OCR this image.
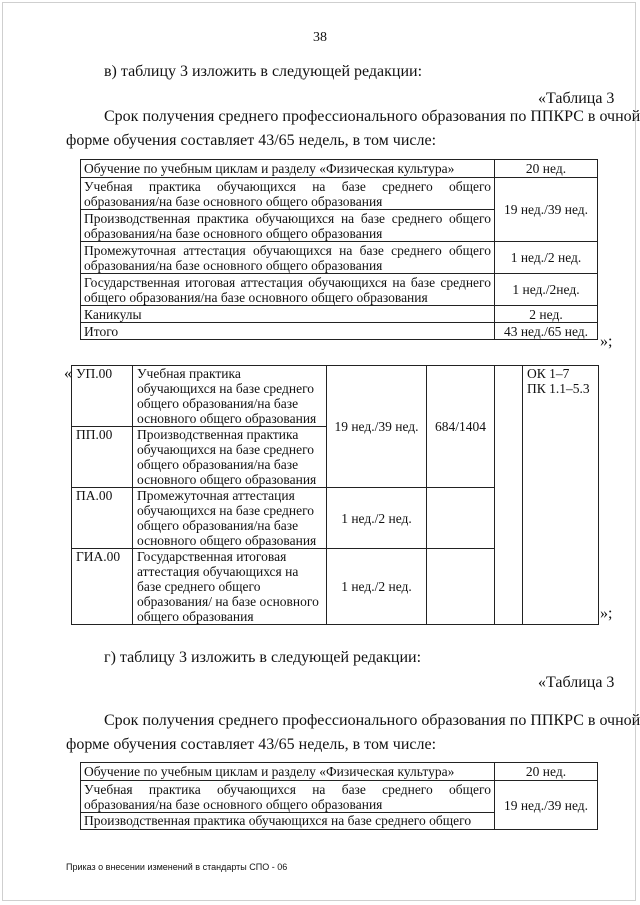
38
в) таблицу 3 изложить в следующей редакции:
«Таблица 3
Срок получения среднего профессионального образования по ППКРС в очной
форме обучения составляет 43/65 недель, в том числе:
Обучение по учебным циклам и разделу «Физическая культура»	20 нед.
Учебная практика обучающихся на базе среднего общего образования/на базе основного общего образования	19 нед./39 нед.
Производственная практика обучающихся на базе среднего общего образования/на базе основного общего образования	
Промежуточная аттестация обучающихся на базе среднего общего образования/на базе основного общего образования	1 нед./2 нед.
Государственная итоговая аттестация обучающихся на базе среднего общего образования/на базе основного общего образования	1 нед./2нед.
Каникулы	2 нед.
Итого	43 нед./65 нед.
»;
« УП.00	Учебная практика обучающихся на базе среднего общего образования/на базе основного общего образования	19 нед./39 нед.	684/1404		ОК 1–7
ПК 1.1–5.3

ПП.00	Производственная практика обучающихся на базе среднего общего образования/на базе основного общего образования				
ПА.00	Промежуточная аттестация обучающихся на базе среднего общего образования/на базе основного общего образования	1 нед./2 нед.			
ГИА.00	Государственная итоговая аттестация обучающихся на базе среднего общего образования/ на базе основного общего образования	1 нед./2 нед.			
»;
г) таблицу 3 изложить в следующей редакции:
«Таблица 3
Срок получения среднего профессионального образования по ППКРС в очной
форме обучения составляет 43/65 недель, в том числе:
Обучение по учебным циклам и разделу «Физическая культура»	20 нед.
Учебная практика обучающихся на базе среднего общего образования/на базе основного общего образования	19 нед./39 нед.
Производственная практика обучающихся на базе среднего общего	
Приказ о внесении изменений в стандарты СПО - 06
